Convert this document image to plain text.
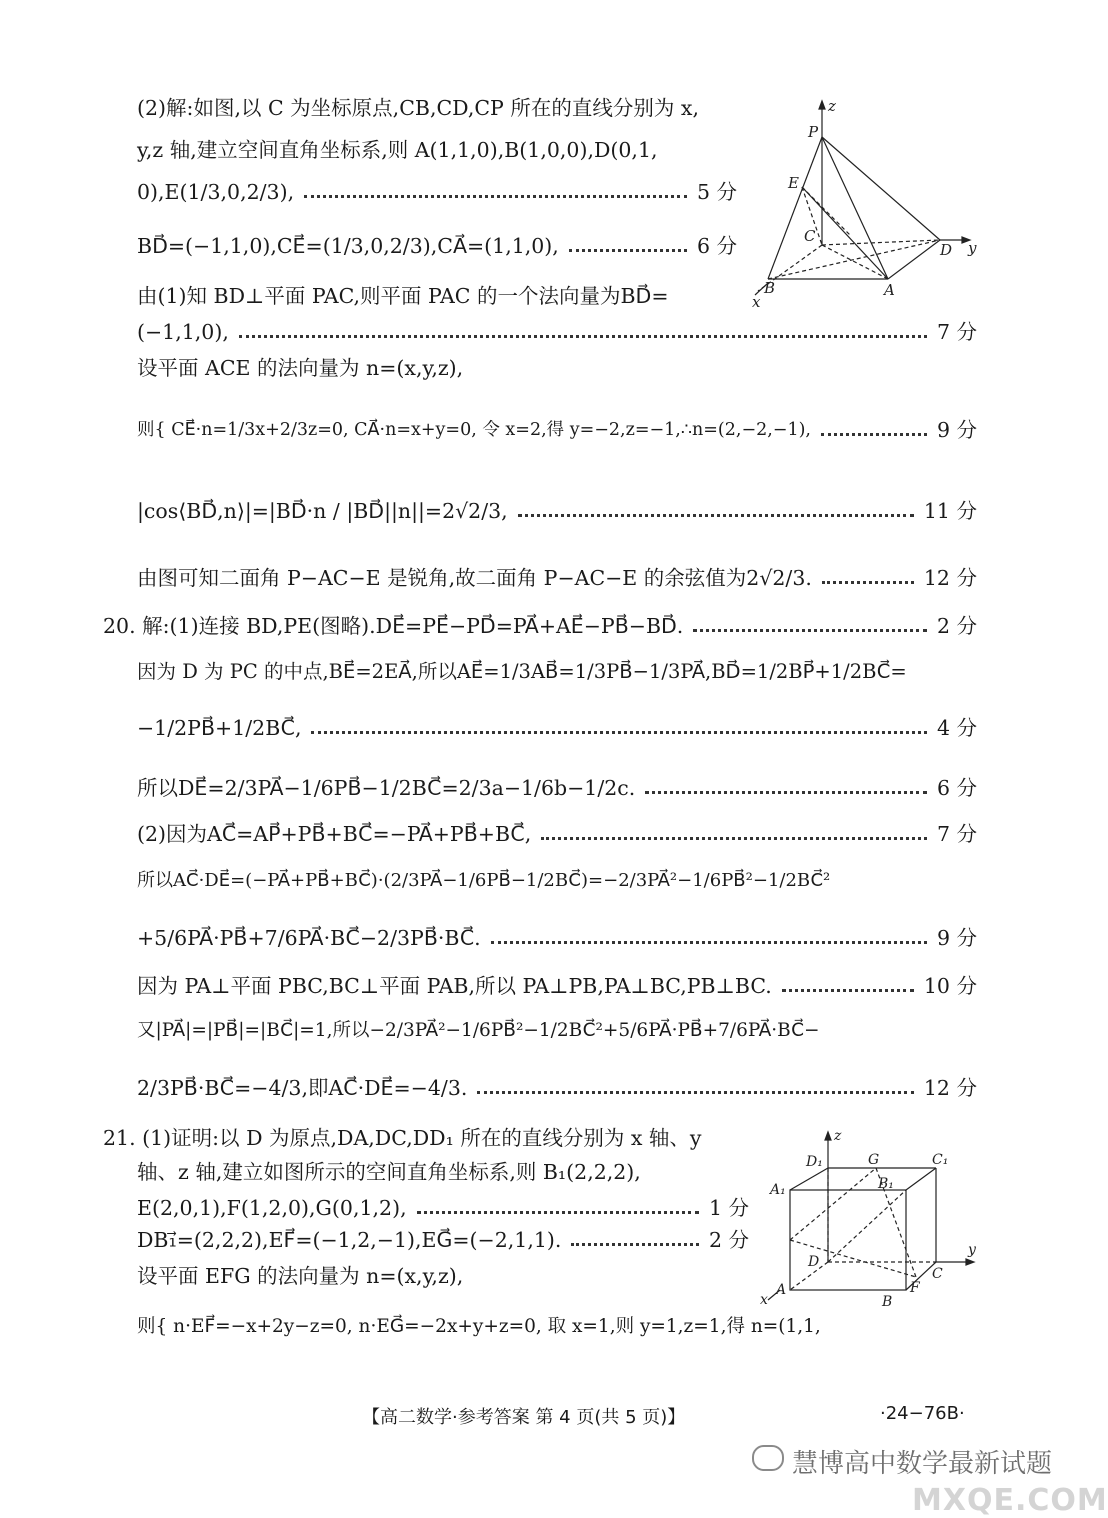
(2)解:如图,以 C 为坐标原点,CB,CD,CP 所在的直线分别为 x,
y,z 轴,建立空间直角坐标系,则 A(1,1,0),B(1,0,0),D(0,1,
0),E(1/3,0,2/3),	5 分
BD⃗=(−1,1,0),CE⃗=(1/3,0,2/3),CA⃗=(1,1,0),	6 分
由(1)知 BD⊥平面 PAC,则平面 PAC 的一个法向量为BD⃗=
(−1,1,0),	7 分
设平面 ACE 的法向量为 n=(x,y,z),
则{ CE⃗·n=1/3x+2/3z=0, CA⃗·n=x+y=0, 令 x=2,得 y=−2,z=−1,∴n=(2,−2,−1),	9 分
|cos⟨BD⃗,n⟩|=|BD⃗·n / |BD⃗||n||=2√2/3,	11 分
由图可知二面角 P−AC−E 是锐角,故二面角 P−AC−E 的余弦值为2√2/3.	12 分
20. 解:(1)连接 BD,PE(图略).DE⃗=PE⃗−PD⃗=PA⃗+AE⃗−PB⃗−BD⃗.	2 分
因为 D 为 PC 的中点,BE⃗=2EA⃗,所以AE⃗=1/3AB⃗=1/3PB⃗−1/3PA⃗,BD⃗=1/2BP⃗+1/2BC⃗=
−1/2PB⃗+1/2BC⃗,	4 分
所以DE⃗=2/3PA⃗−1/6PB⃗−1/2BC⃗=2/3a−1/6b−1/2c.	6 分
(2)因为AC⃗=AP⃗+PB⃗+BC⃗=−PA⃗+PB⃗+BC⃗,	7 分
所以AC⃗·DE⃗=(−PA⃗+PB⃗+BC⃗)·(2/3PA⃗−1/6PB⃗−1/2BC⃗)=−2/3PA⃗²−1/6PB⃗²−1/2BC⃗²
+5/6PA⃗·PB⃗+7/6PA⃗·BC⃗−2/3PB⃗·BC⃗.	9 分
因为 PA⊥平面 PBC,BC⊥平面 PAB,所以 PA⊥PB,PA⊥BC,PB⊥BC.	10 分
又|PA⃗|=|PB⃗|=|BC⃗|=1,所以−2/3PA⃗²−1/6PB⃗²−1/2BC⃗²+5/6PA⃗·PB⃗+7/6PA⃗·BC⃗−
2/3PB⃗·BC⃗=−4/3,即AC⃗·DE⃗=−4/3.	12 分
21. (1)证明:以 D 为原点,DA,DC,DD₁ 所在的直线分别为 x 轴、y
轴、z 轴,建立如图所示的空间直角坐标系,则 B₁(2,2,2),
E(2,0,1),F(1,2,0),G(0,1,2),	1 分
DB₁⃗=(2,2,2),EF⃗=(−1,2,−1),EG⃗=(−2,1,1).	2 分
设平面 EFG 的法向量为 n=(x,y,z),
则{ n·EF⃗=−x+2y−z=0, n·EG⃗=−2x+y+z=0, 取 x=1,则 y=1,z=1,得 n=(1,1,
z
P
E
C
D y
B	A
x
z
D₁	G	C₁
A₁	B₁
y
D
C
A	F
B
x
【高二数学·参考答案 第 4 页(共 5 页)】	·24−76B·
慧博高中数学最新试题
MXQE.COM
